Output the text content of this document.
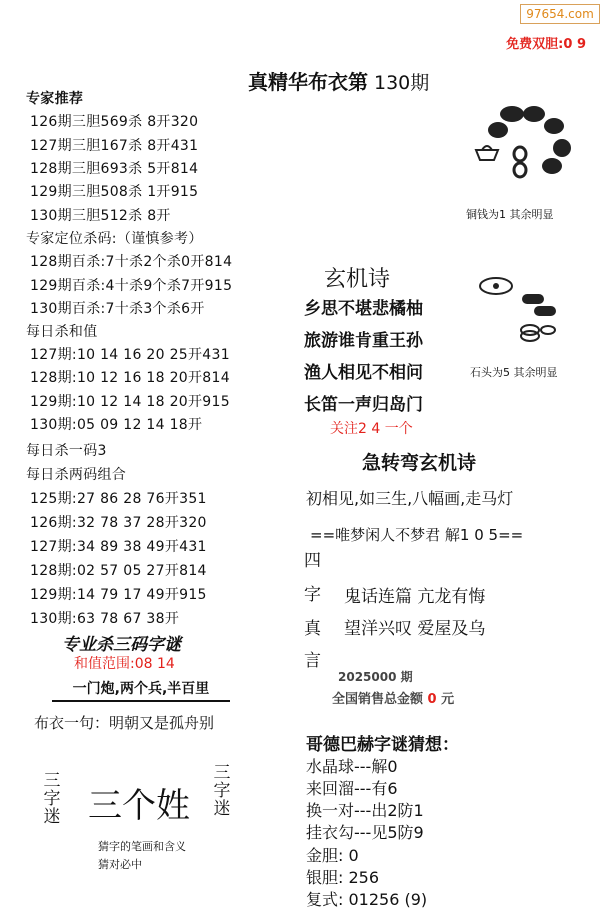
97654.com
免费双胆:0 9
真精华布衣第 130期
专家推荐
126期三胆569杀 8开320
127期三胆167杀 8开431
128期三胆693杀 5开814
129期三胆508杀 1开915
130期三胆512杀 8开
专家定位杀码:（谨慎参考）
128期百杀:7十杀2个杀0开814
129期百杀:4十杀9个杀7开915
130期百杀:7十杀3个杀6开
每日杀和值
127期:10 14 16 20 25开431
128期:10 12 16 18 20开814
129期:10 12 14 18 20开915
130期:05 09 12 14 18开
每日杀一码3
每日杀两码组合
125期:27 86 28 76开351
126期:32 78 37 28开320
127期:34 89 38 49开431
128期:02 57 05 27开814
129期:14 79 17 49开915
130期:63 78 67 38开
专业杀三码字谜
和值范围:08 14
一门炮,两个兵,半百里
布衣一句：明朝又是孤舟别
三字迷 三个姓
三字迷
猜字的笔画和含义
猜对必中
铜钱为1 其余明显
石头为5 其余明显
玄机诗
乡思不堪悲橘柚
旅游谁肯重王孙
渔人相见不相问
长笛一声归岛门
关注2 4 一个
急转弯玄机诗
初相见,如三生,八幅画,走马灯
==唯梦闲人不梦君 解1 0 5==
四
字
真
言
鬼话连篇 亢龙有悔
望洋兴叹 爱屋及乌
2025000 期
全国销售总金额 0 元
哥德巴赫字谜猜想：
水晶球---解0
来回溜---有6
换一对---出2防1
挂衣勾---见5防9
金胆: 0
银胆: 256
复式: 01256 (9)
